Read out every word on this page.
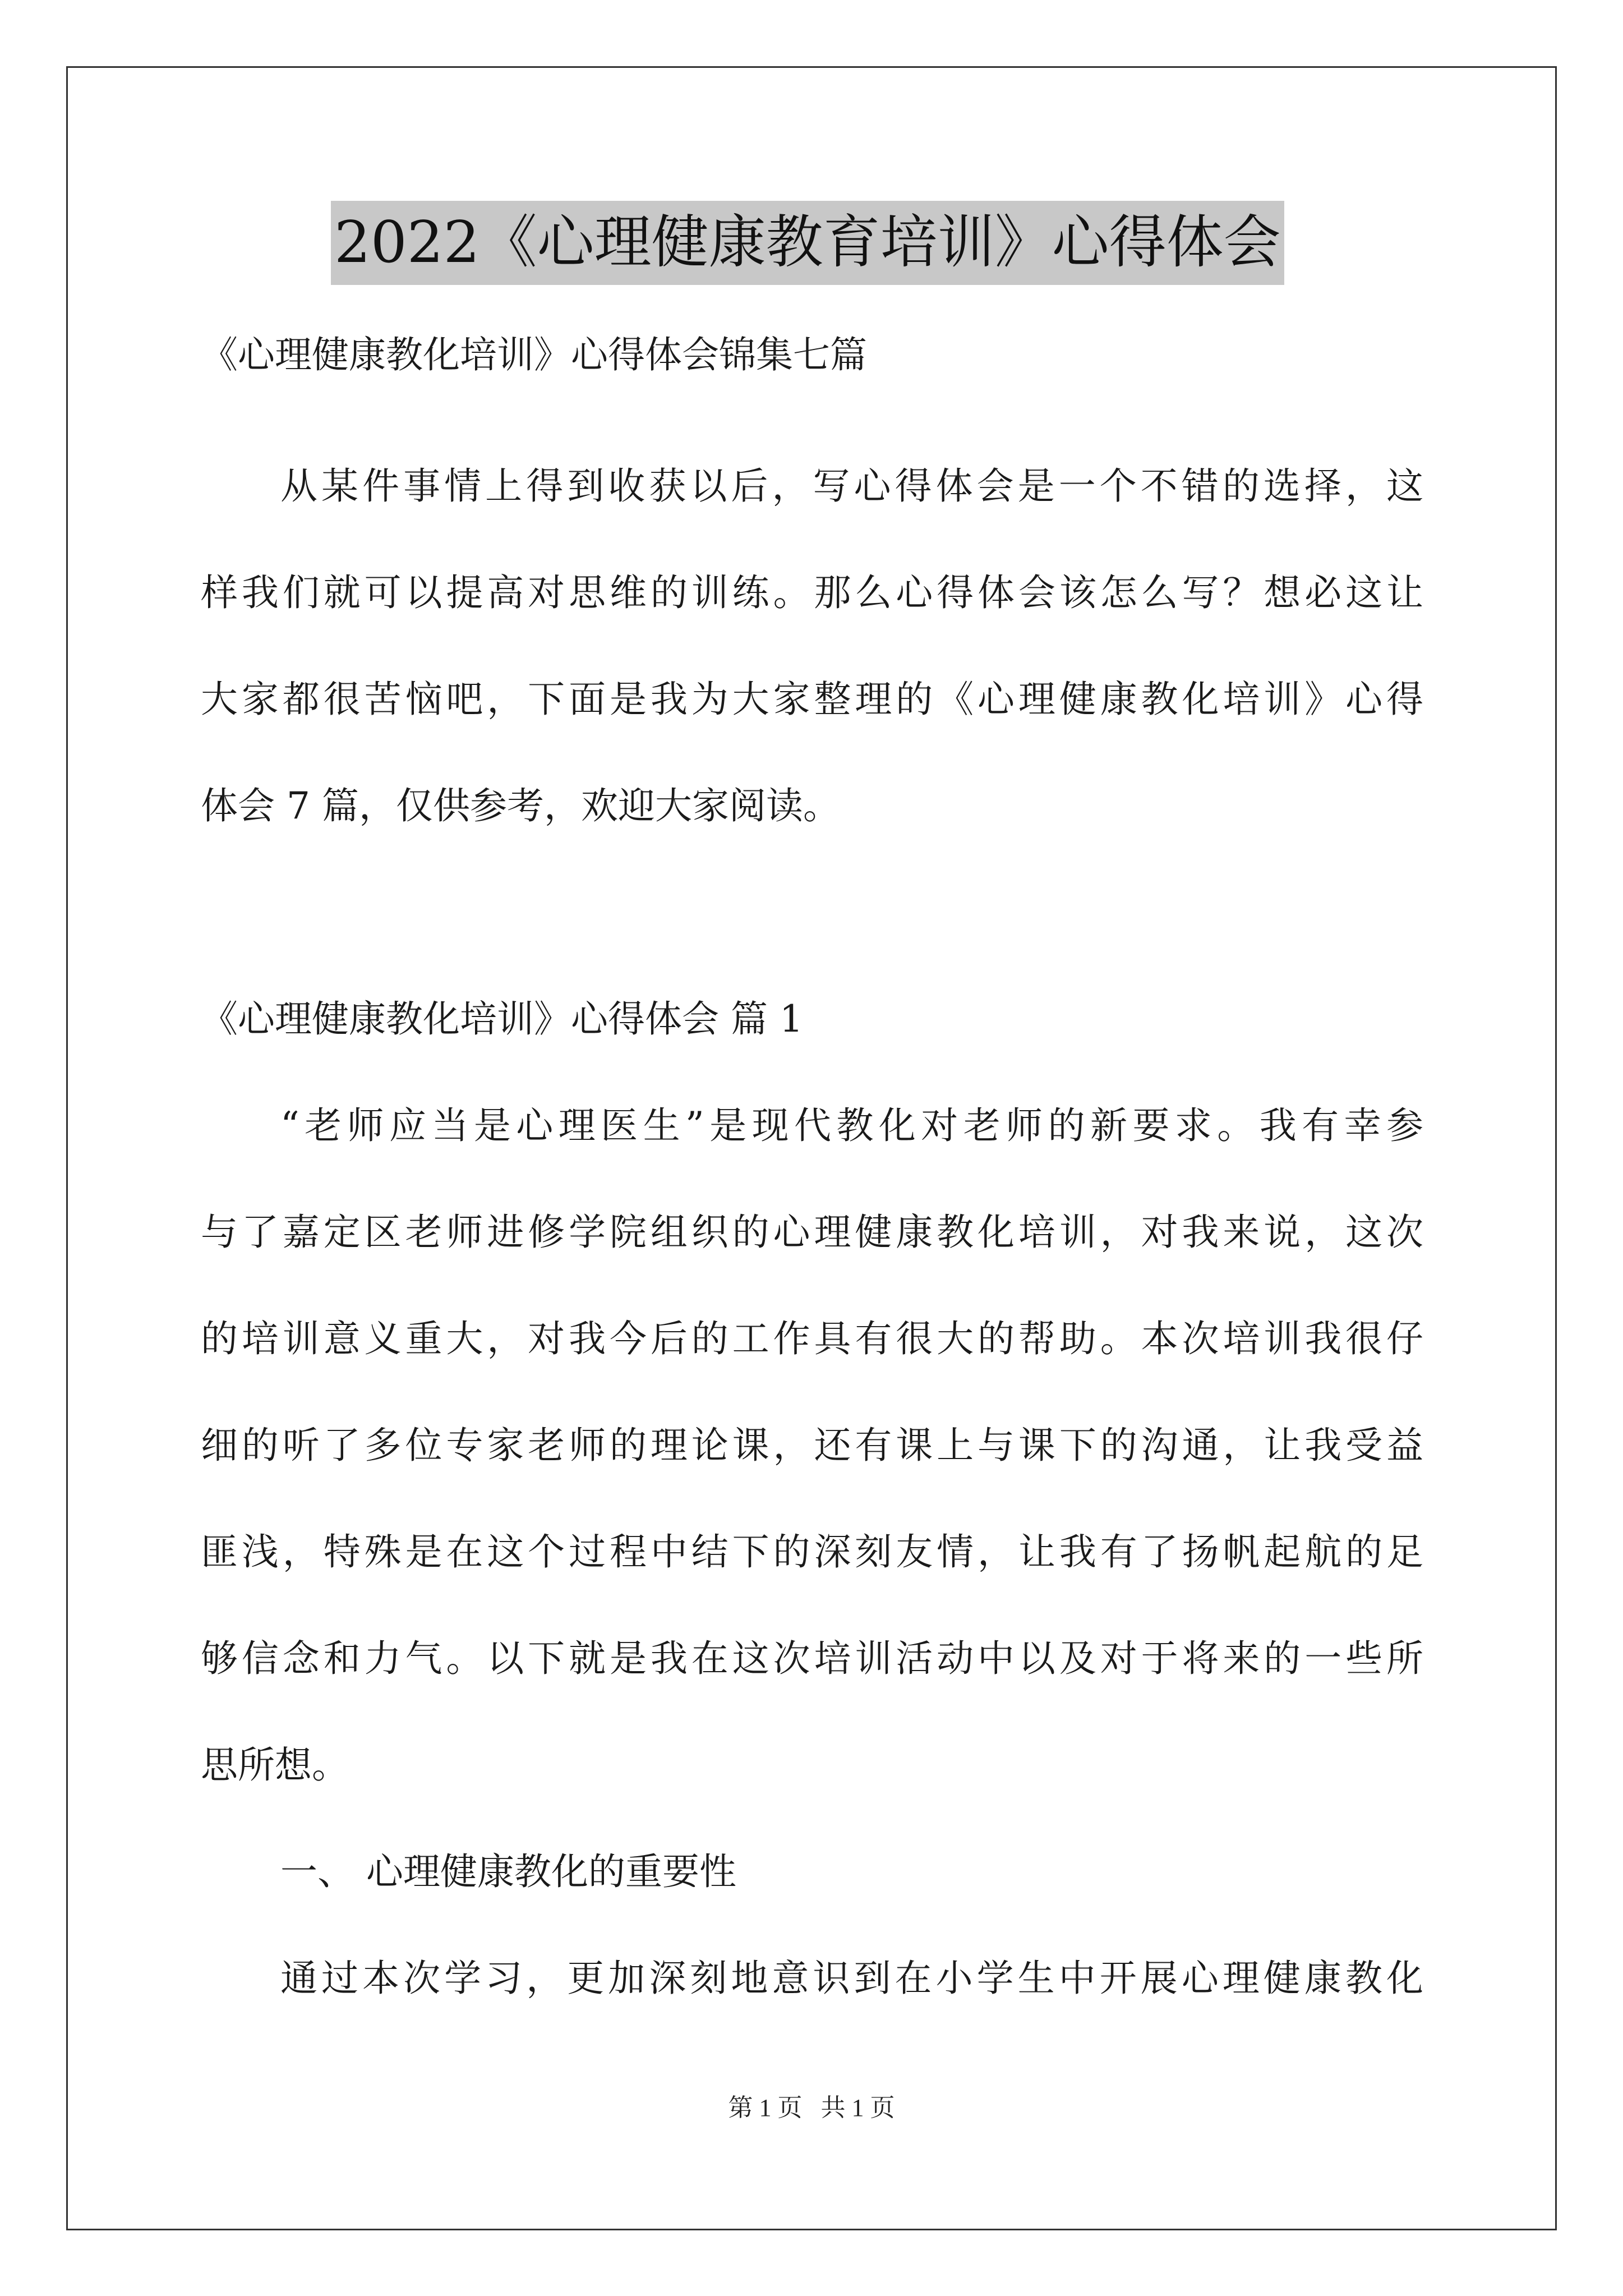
2022《心理健康教育培训》心得体会
《心理健康教化培训》心得体会锦集七篇
从某件事情上得到收获以后，写心得体会是一个不错的选择，这
样我们就可以提高对思维的训练。那么心得体会该怎么写？想必这让
大家都很苦恼吧，下面是我为大家整理的《心理健康教化培训》心得
体会 7 篇，仅供参考，欢迎大家阅读。
《心理健康教化培训》心得体会 篇 1
“老师应当是心理医生”是现代教化对老师的新要求。我有幸参
与了嘉定区老师进修学院组织的心理健康教化培训，对我来说，这次
的培训意义重大，对我今后的工作具有很大的帮助。本次培训我很仔
细的听了多位专家老师的理论课，还有课上与课下的沟通，让我受益
匪浅，特殊是在这个过程中结下的深刻友情，让我有了扬帆起航的足
够信念和力气。以下就是我在这次培训活动中以及对于将来的一些所
思所想。
一、 心理健康教化的重要性
通过本次学习，更加深刻地意识到在小学生中开展心理健康教化
第 1 页   共 1 页
